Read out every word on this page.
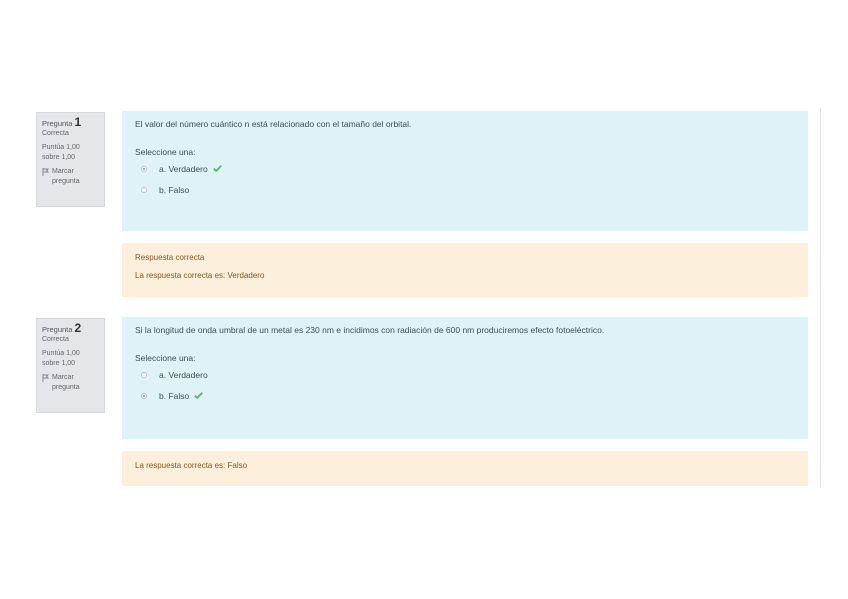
Pregunta 1
Correcta
Puntúa 1,00 sobre 1,00
Marcar pregunta

El valor del número cuántico n está relacionado con el tamaño del orbital.

Seleccione una:

a. Verdadero
b. Falso

Respuesta correcta

La respuesta correcta es: Verdadero

Pregunta 2
Correcta
Puntúa 1,00 sobre 1,00
Marcar pregunta

Si la longitud de onda umbral de un metal es 230 nm e incidimos con radiación de 600 nm produciremos efecto fotoeléctrico.

Seleccione una:

a. Verdadero
b. Falso

La respuesta correcta es: Falso
